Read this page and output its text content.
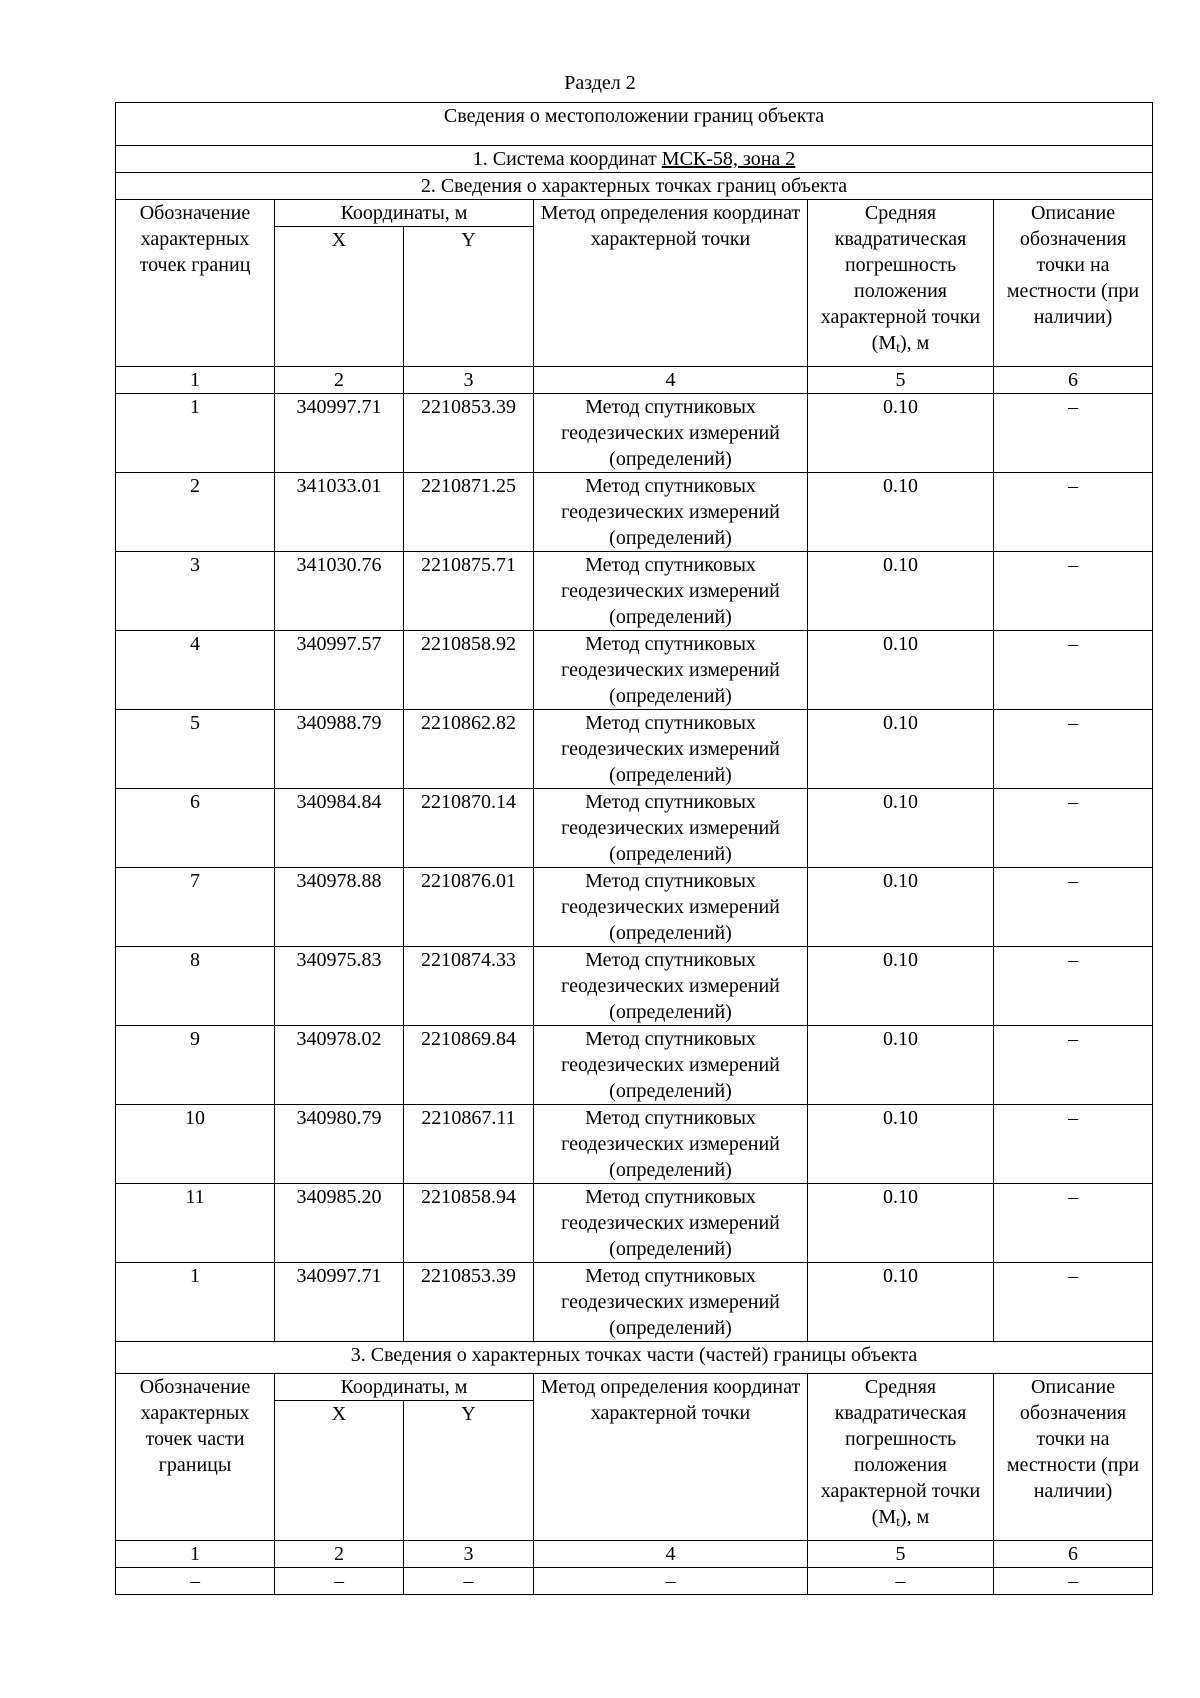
Раздел 2
Сведения о местоположении границ объекта					
1. Система координат МСК-58, зона 2					
2. Сведения о характерных точках границ объекта					
Обозначение характерных точек границ	Координаты, м		Метод определения координат характерной точки	Средняя квадратическая погрешность положения характерной точки $(M_t)$, м	Описание обозначения точки на местности (при наличии)
	X	Y			
1	2	3	4	5	6
1	340997.71	2210853.39	Метод спутниковых геодезических измерений (определений)	0.10	–
2	341033.01	2210871.25	Метод спутниковых геодезических измерений (определений)	0.10	–
3	341030.76	2210875.71	Метод спутниковых геодезических измерений (определений)	0.10	–
4	340997.57	2210858.92	Метод спутниковых геодезических измерений (определений)	0.10	–
5	340988.79	2210862.82	Метод спутниковых геодезических измерений (определений)	0.10	–
6	340984.84	2210870.14	Метод спутниковых геодезических измерений (определений)	0.10	–
7	340978.88	2210876.01	Метод спутниковых геодезических измерений (определений)	0.10	–
8	340975.83	2210874.33	Метод спутниковых геодезических измерений (определений)	0.10	–
9	340978.02	2210869.84	Метод спутниковых геодезических измерений (определений)	0.10	–
10	340980.79	2210867.11	Метод спутниковых геодезических измерений (определений)	0.10	–
11	340985.20	2210858.94	Метод спутниковых геодезических измерений (определений)	0.10	–
1	340997.71	2210853.39	Метод спутниковых геодезических измерений (определений)	0.10	–
3. Сведения о характерных точках части (частей) границы объекта					
Обозначение характерных точек части границы	Координаты, м		Метод определения координат характерной точки	Средняя квадратическая погрешность положения характерной точки $(M_t)$, м	Описание обозначения точки на местности (при наличии)
	X	Y			
1	2	3	4	5	6
–	–	–	–	–	–
